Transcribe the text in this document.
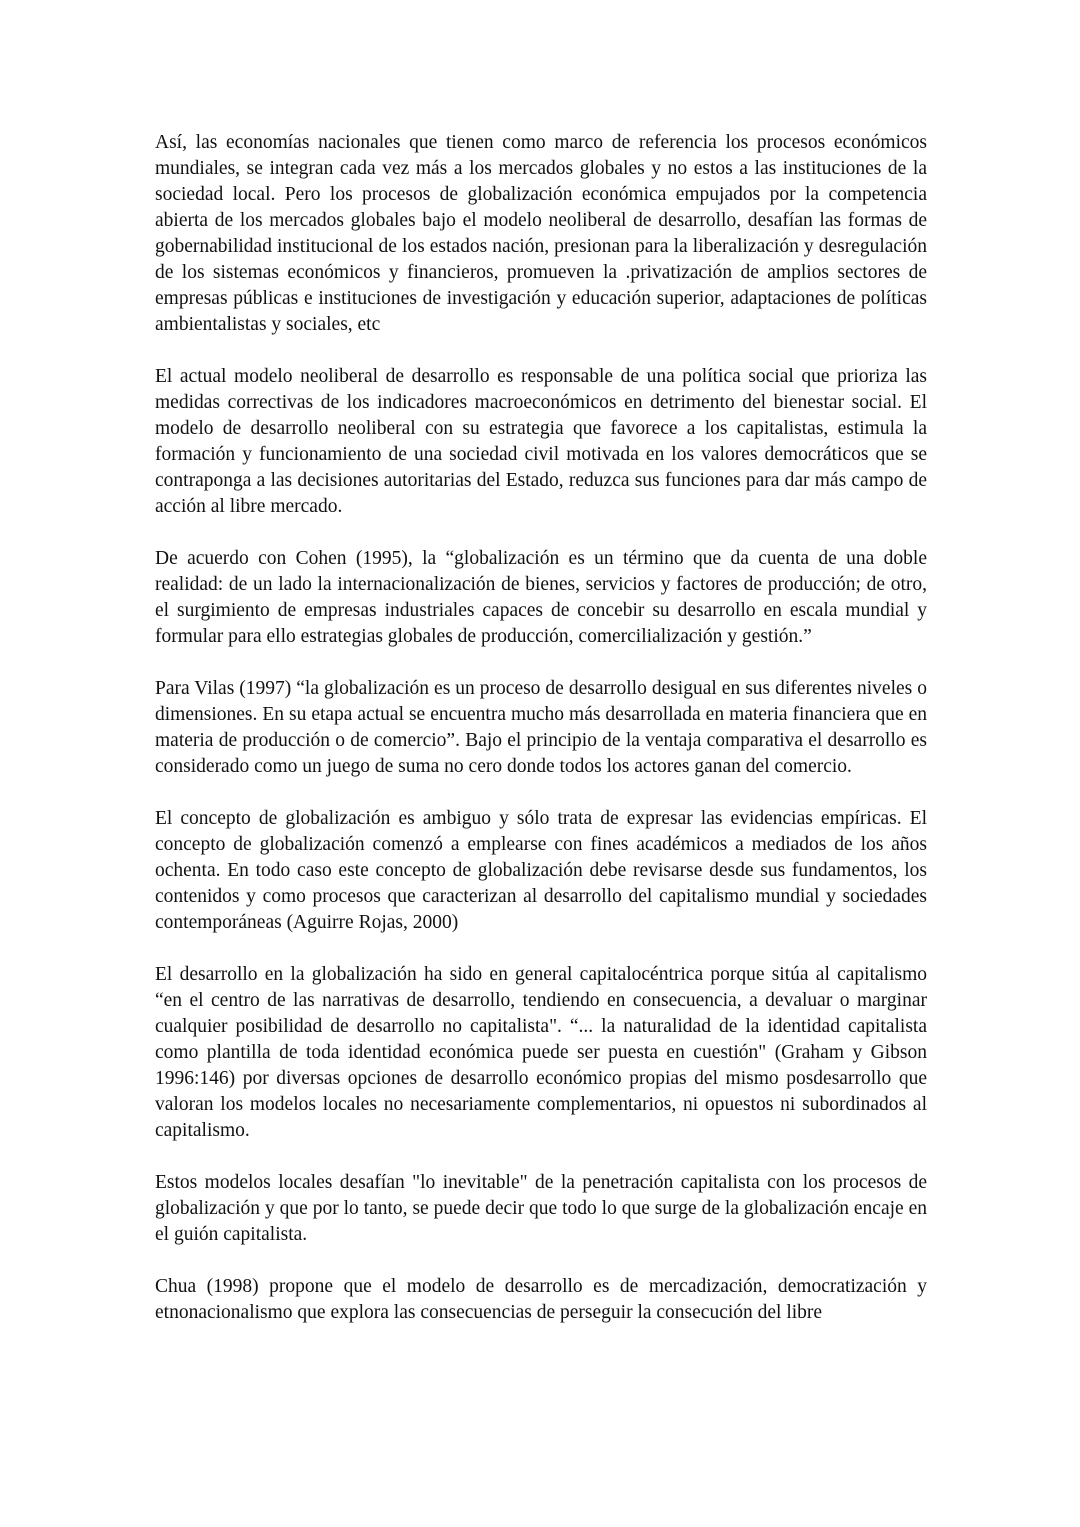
Así, las economías nacionales que tienen como marco de referencia los procesos económicos mundiales, se integran cada vez más a los mercados globales y no estos a las instituciones de la sociedad local. Pero los procesos de globalización económica empujados por la competencia abierta de los mercados globales bajo el modelo neoliberal de desarrollo, desafían las formas de gobernabilidad institucional de los estados nación, presionan para la liberalización y desregulación de los sistemas económicos y financieros, promueven la .privatización de amplios sectores de empresas públicas e instituciones de investigación y educación superior, adaptaciones de políticas ambientalistas y sociales, etc

El actual modelo neoliberal de desarrollo es responsable de una política social que prioriza las medidas correctivas de los indicadores macroeconómicos en detrimento del bienestar social. El modelo de desarrollo neoliberal con su estrategia que favorece a los capitalistas, estimula la formación y funcionamiento de una sociedad civil motivada en los valores democráticos que se contraponga a las decisiones autoritarias del Estado, reduzca sus funciones para dar más campo de acción al libre mercado.

De acuerdo con Cohen (1995), la “globalización es un término que da cuenta de una doble realidad: de un lado la internacionalización de bienes, servicios y factores de producción; de otro, el surgimiento de empresas industriales capaces de concebir su desarrollo en escala mundial y formular para ello estrategias globales de producción, comercilialización y gestión.”

Para Vilas (1997) “la globalización es un proceso de desarrollo desigual en sus diferentes niveles o dimensiones. En su etapa actual se encuentra mucho más desarrollada en materia financiera que en materia de producción o de comercio”. Bajo el principio de la ventaja comparativa el desarrollo es considerado como un juego de suma no cero donde todos los actores ganan del comercio.

El concepto de globalización es ambiguo y sólo trata de expresar las evidencias empíricas. El concepto de globalización comenzó a emplearse con fines académicos a mediados de los años ochenta. En todo caso este concepto de globalización debe revisarse desde sus fundamentos, los contenidos y como procesos que caracterizan al desarrollo del capitalismo mundial y sociedades contemporáneas (Aguirre Rojas, 2000)

El desarrollo en la globalización ha sido en general capitalocéntrica porque sitúa al capitalismo “en el centro de las narrativas de desarrollo, tendiendo en consecuencia, a devaluar o marginar cualquier posibilidad de desarrollo no capitalista". “... la naturalidad de la identidad capitalista como plantilla de toda identidad económica puede ser puesta en cuestión" (Graham y Gibson 1996:146) por diversas opciones de desarrollo económico propias del mismo posdesarrollo que valoran los modelos locales no necesariamente complementarios, ni opuestos ni subordinados al capitalismo.

Estos modelos locales desafían "lo inevitable" de la penetración capitalista con los procesos de globalización y que por lo tanto, se puede decir que todo lo que surge de la globalización encaje en el guión capitalista.

Chua (1998) propone que el modelo de desarrollo es de mercadización, democratización y etnonacionalismo que explora las consecuencias de perseguir la consecución del libre
